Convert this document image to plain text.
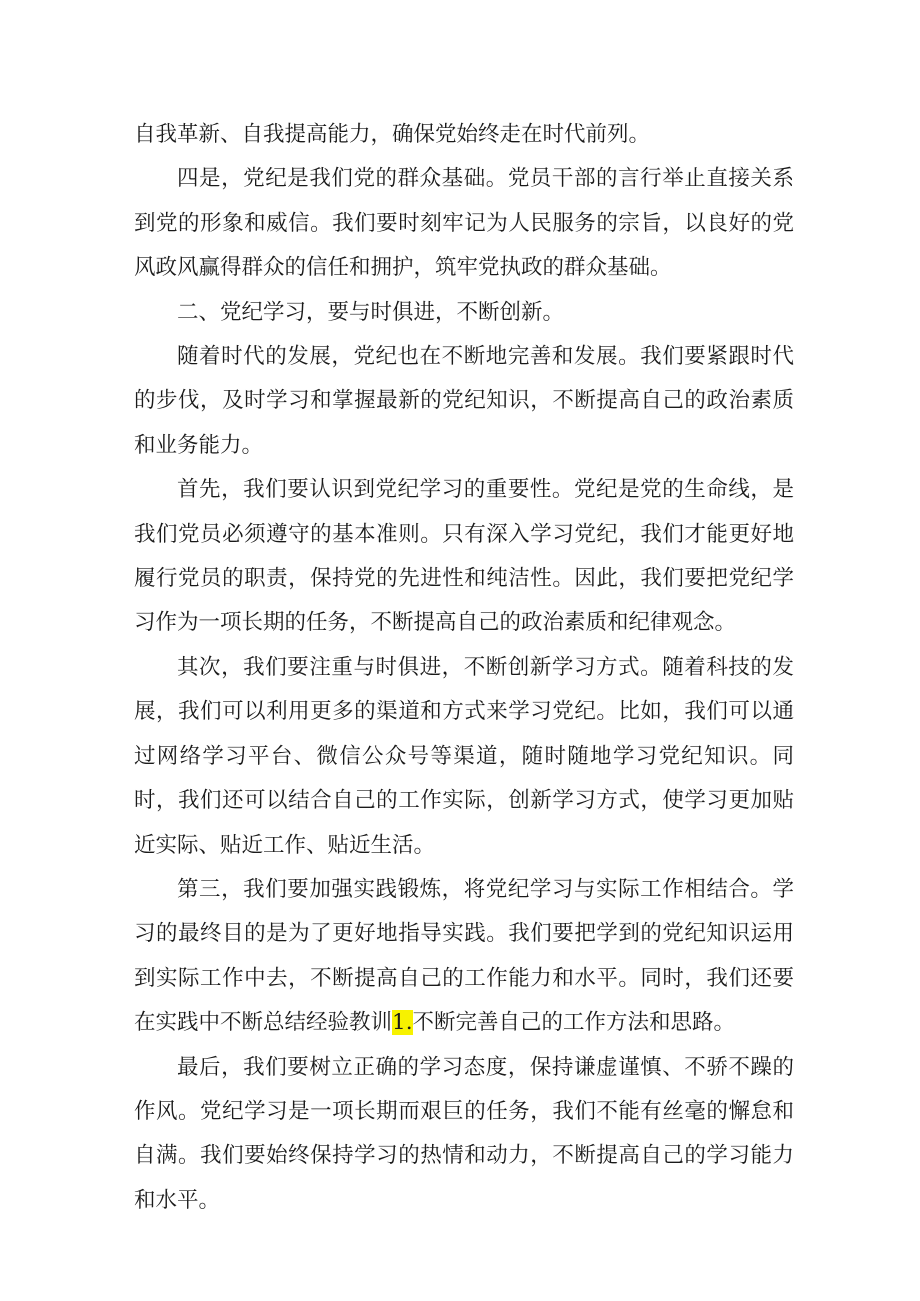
自我革新、自我提高能力，确保党始终走在时代前列。

四是，党纪是我们党的群众基础。党员干部的言行举止直接关系到党的形象和威信。我们要时刻牢记为人民服务的宗旨，以良好的党风政风赢得群众的信任和拥护，筑牢党执政的群众基础。

二、党纪学习，要与时俱进，不断创新。

随着时代的发展，党纪也在不断地完善和发展。我们要紧跟时代的步伐，及时学习和掌握最新的党纪知识，不断提高自己的政治素质和业务能力。

首先，我们要认识到党纪学习的重要性。党纪是党的生命线，是我们党员必须遵守的基本准则。只有深入学习党纪，我们才能更好地履行党员的职责，保持党的先进性和纯洁性。因此，我们要把党纪学习作为一项长期的任务，不断提高自己的政治素质和纪律观念。

其次，我们要注重与时俱进，不断创新学习方式。随着科技的发展，我们可以利用更多的渠道和方式来学习党纪。比如，我们可以通过网络学习平台、微信公众号等渠道，随时随地学习党纪知识。同时，我们还可以结合自己的工作实际，创新学习方式，使学习更加贴近实际、贴近工作、贴近生活。

第三，我们要加强实践锻炼，将党纪学习与实际工作相结合。学习的最终目的是为了更好地指导实践。我们要把学到的党纪知识运用到实际工作中去，不断提高自己的工作能力和水平。同时，我们还要在实践中不断总结经验教训1.不断完善自己的工作方法和思路。

最后，我们要树立正确的学习态度，保持谦虚谨慎、不骄不躁的作风。党纪学习是一项长期而艰巨的任务，我们不能有丝毫的懈怠和自满。我们要始终保持学习的热情和动力，不断提高自己的学习能力和水平。
